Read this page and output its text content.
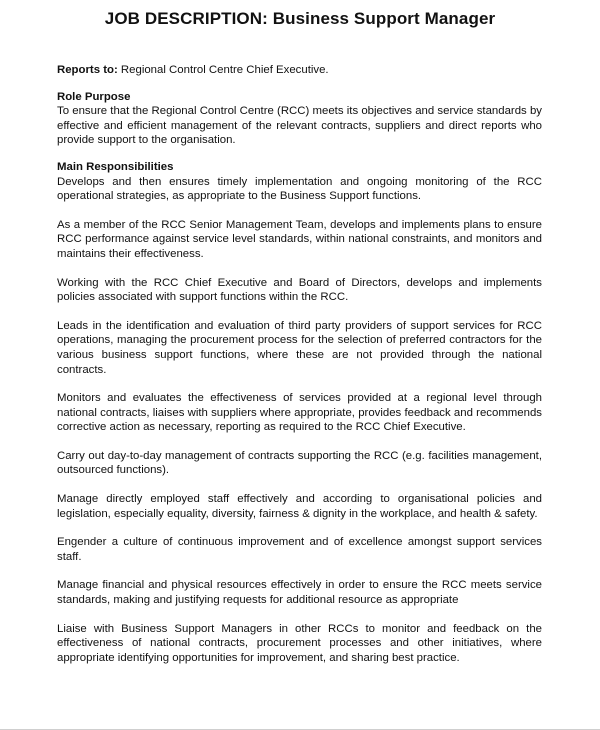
JOB DESCRIPTION: Business Support Manager
Reports to: Regional Control Centre Chief Executive.
Role Purpose

To ensure that the Regional Control Centre (RCC) meets its objectives and service standards by effective and efficient management of the relevant contracts, suppliers and direct reports who provide support to the organisation.

Main Responsibilities

Develops and then ensures timely implementation and ongoing monitoring of the RCC operational strategies, as appropriate to the Business Support functions.

As a member of the RCC Senior Management Team, develops and implements plans to ensure RCC performance against service level standards, within national constraints, and monitors and maintains their effectiveness.

Working with the RCC Chief Executive and Board of Directors, develops and implements policies associated with support functions within the RCC.

Leads in the identification and evaluation of third party providers of support services for RCC operations, managing the procurement process for the selection of preferred contractors for the various business support functions, where these are not provided through the national contracts.

Monitors and evaluates the effectiveness of services provided at a regional level through national contracts, liaises with suppliers where appropriate, provides feedback and recommends corrective action as necessary, reporting as required to the RCC Chief Executive.

Carry out day-to-day management of contracts supporting the RCC (e.g. facilities management, outsourced functions).

Manage directly employed staff effectively and according to organisational policies and legislation, especially equality, diversity, fairness & dignity in the workplace, and health & safety.

Engender a culture of continuous improvement and of excellence amongst support services staff.

Manage financial and physical resources effectively in order to ensure the RCC meets service standards, making and justifying requests for additional resource as appropriate

Liaise with Business Support Managers in other RCCs to monitor and feedback on the effectiveness of national contracts, procurement processes and other initiatives, where appropriate identifying opportunities for improvement, and sharing best practice.
